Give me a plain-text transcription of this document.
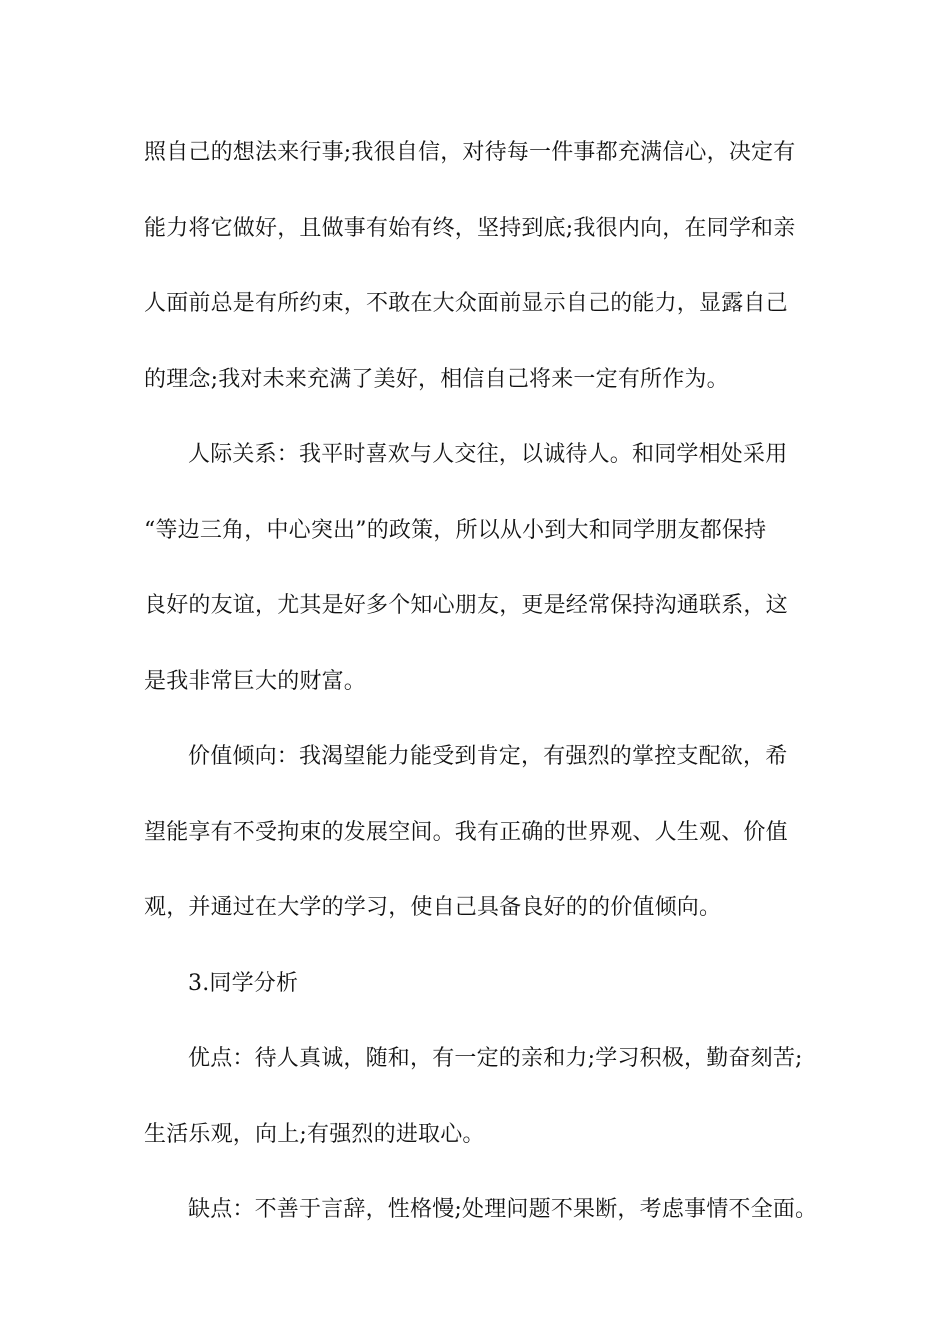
照自己的想法来行事;我很自信，对待每一件事都充满信心，决定有
能力将它做好，且做事有始有终，坚持到底;我很内向，在同学和亲
人面前总是有所约束，不敢在大众面前显示自己的能力，显露自己
的理念;我对未来充满了美好，相信自己将来一定有所作为。
人际关系：我平时喜欢与人交往，以诚待人。和同学相处采用
“等边三角，中心突出”的政策，所以从小到大和同学朋友都保持
良好的友谊，尤其是好多个知心朋友，更是经常保持沟通联系，这
是我非常巨大的财富。
价值倾向：我渴望能力能受到肯定，有强烈的掌控支配欲，希
望能享有不受拘束的发展空间。我有正确的世界观、人生观、价值
观，并通过在大学的学习，使自己具备良好的的价值倾向。
3.同学分析
优点：待人真诚，随和，有一定的亲和力;学习积极，勤奋刻苦;
生活乐观，向上;有强烈的进取心。
缺点：不善于言辞，性格慢;处理问题不果断，考虑事情不全面。
